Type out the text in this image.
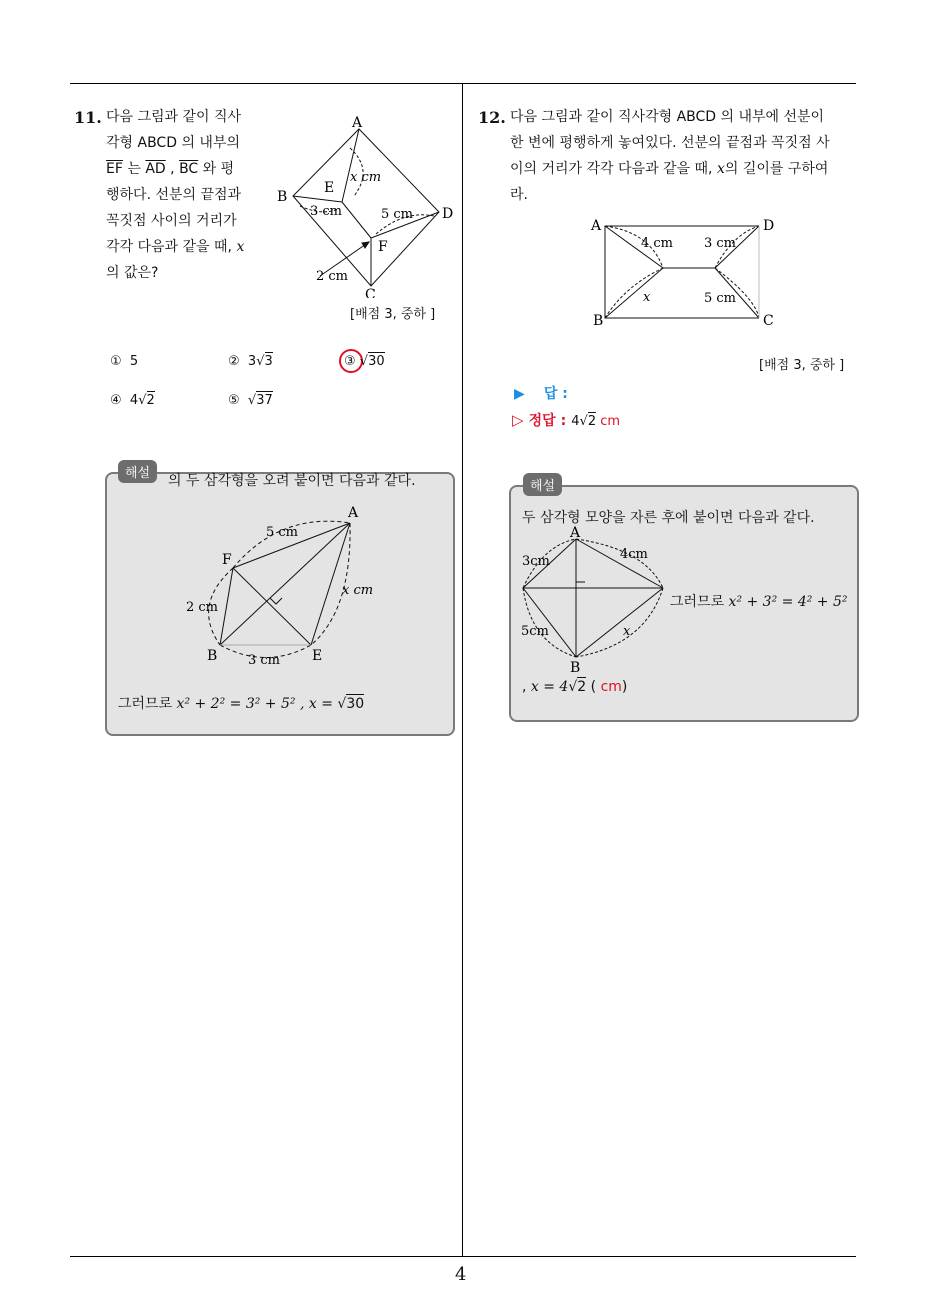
4
11. 다음 그림과 같이 직사
각형 ABCD 의 내부의
$\overline{EF}$ 는 $\overline{AD}$ , $\overline{BC}$ 와 평
행하다. 선분의 끝점과
꼭짓점 사이의 거리가
각각 다음과 같을 때, x
의 값은?
A
B
C
D
E
F
x cm
3 cm	5 cm
2 cm
[배점 3, 중하 ]
① 5	② 3√3	③ √30
④ 4√2	⑤  √37
해설	의 두 삼각형을 오려 붙이면 다음과 같다.
A
F
B	E
5 cm
x cm
2 cm
3 cm
그러므로 x² + 2² = 3² + 5² , x = √30
12. 다음 그림과 같이 직사각형 ABCD 의 내부에 선분이
한 변에 평행하게 놓여있다. 선분의 끝점과 꼭짓점 사
이의 거리가 각각 다음과 같을 때, x의 길이를 구하여
라.
A	D
B	C
4 cm 3 cm
5 cm
x
[배점 3, 중하 ]
▶ 답 :
▷ 정답 : 4√2 cm
해설
두 삼각형 모양을 자른 후에 붙이면 다음과 같다.
A
B
3cm	4cm
5cm	x
그러므로 x² + 3² = 4² + 5²
, x = 4√2 ( cm)
